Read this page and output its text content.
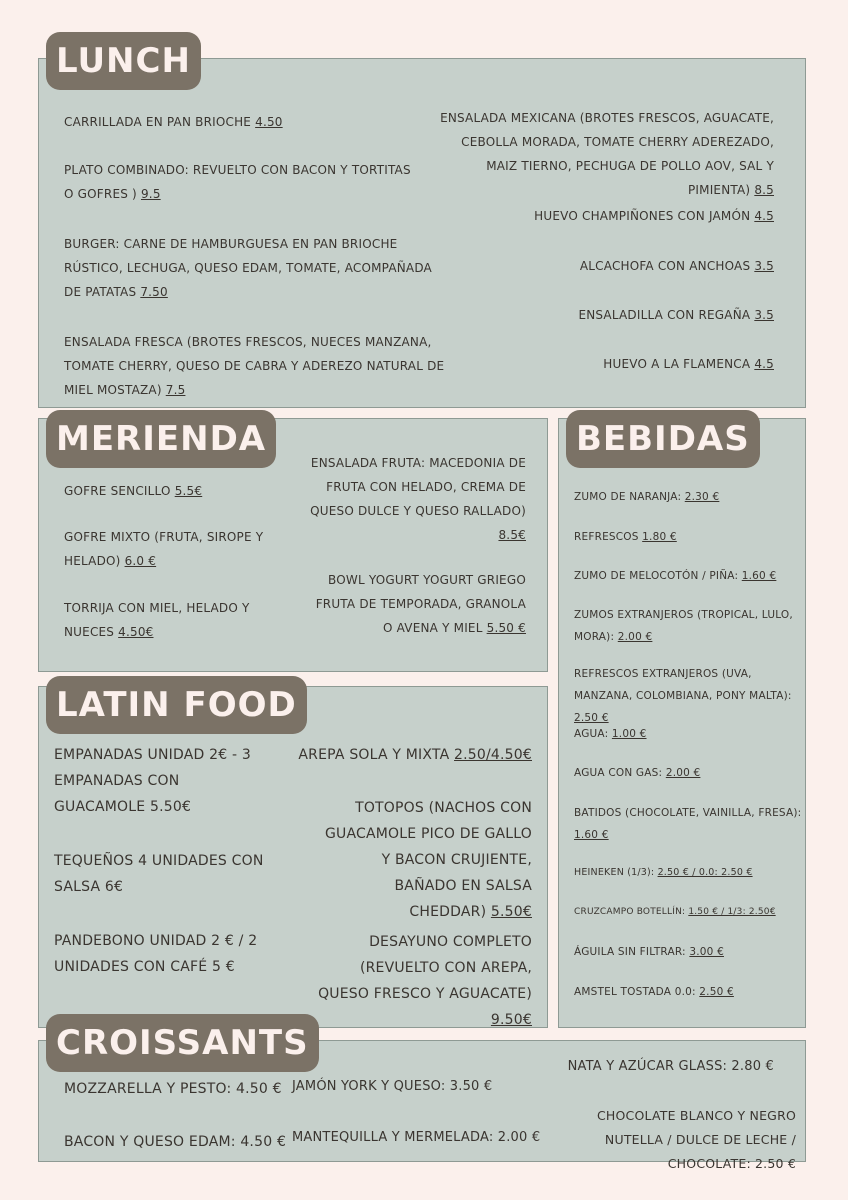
LUNCH
CARRILLADA EN PAN BRIOCHE 4.50
PLATO COMBINADO: REVUELTO CON BACON Y TORTITAS O GOFRES ) 9.5
BURGER: CARNE DE HAMBURGUESA EN PAN BRIOCHE RÚSTICO, LECHUGA, QUESO EDAM, TOMATE, ACOMPAÑADA DE PATATAS 7.50
ENSALADA FRESCA (BROTES FRESCOS, NUECES MANZANA, TOMATE CHERRY, QUESO DE CABRA Y ADEREZO NATURAL DE MIEL MOSTAZA) 7.5
ENSALADA MEXICANA (BROTES FRESCOS, AGUACATE, CEBOLLA MORADA, TOMATE CHERRY ADEREZADO, MAIZ TIERNO, PECHUGA DE POLLO AOV, SAL Y PIMIENTA) 8.5
HUEVO CHAMPIÑONES CON JAMÓN 4.5
ALCACHOFA CON ANCHOAS 3.5
ENSALADILLA CON REGAÑA 3.5
HUEVO A LA FLAMENCA 4.5
MERIENDA
GOFRE SENCILLO 5.5€
GOFRE MIXTO (FRUTA, SIROPE Y HELADO) 6.0 €
TORRIJA CON MIEL, HELADO Y NUECES 4.50€
ENSALADA FRUTA: MACEDONIA DE FRUTA CON HELADO, CREMA DE QUESO DULCE Y QUESO RALLADO) 8.5€
BOWL YOGURT YOGURT GRIEGO FRUTA DE TEMPORADA, GRANOLA O AVENA Y MIEL 5.50 €
BEBIDAS
ZUMO DE NARANJA: 2.30 €
REFRESCOS 1.80 €
ZUMO DE MELOCOTÓN / PIÑA: 1.60 €
ZUMOS EXTRANJEROS (TROPICAL, LULO, MORA): 2.00 €
REFRESCOS EXTRANJEROS (UVA, MANZANA, COLOMBIANA, PONY MALTA): 2.50 €
AGUA: 1.00 €
AGUA CON GAS: 2.00 €
BATIDOS (CHOCOLATE, VAINILLA, FRESA): 1.60 €
HEINEKEN (1/3): 2.50 € / 0.0: 2.50 €
CRUZCAMPO BOTELLÍN: 1.50 € / 1/3: 2.50€
ÁGUILA SIN FILTRAR: 3.00 €
AMSTEL TOSTADA 0.0: 2.50 €
LATIN FOOD
EMPANADAS UNIDAD 2€ - 3 EMPANADAS CON GUACAMOLE 5.50€
TEQUEÑOS 4 UNIDADES CON SALSA 6€
PANDEBONO UNIDAD 2 € / 2 UNIDADES CON CAFÉ 5 €
AREPA SOLA Y MIXTA 2.50/4.50€
TOTOPOS (NACHOS CON GUACAMOLE PICO DE GALLO Y BACON CRUJIENTE, BAÑADO EN SALSA CHEDDAR) 5.50€
DESAYUNO COMPLETO (REVUELTO CON AREPA, QUESO FRESCO Y AGUACATE) 9.50€
CROISSANTS
MOZZARELLA Y PESTO: 4.50 €
BACON Y QUESO EDAM: 4.50 €
JAMÓN YORK Y QUESO: 3.50 €
MANTEQUILLA Y MERMELADA: 2.00 €
NATA Y AZÚCAR GLASS: 2.80 €
CHOCOLATE BLANCO Y NEGRO NUTELLA / DULCE DE LECHE / CHOCOLATE: 2.50 €
